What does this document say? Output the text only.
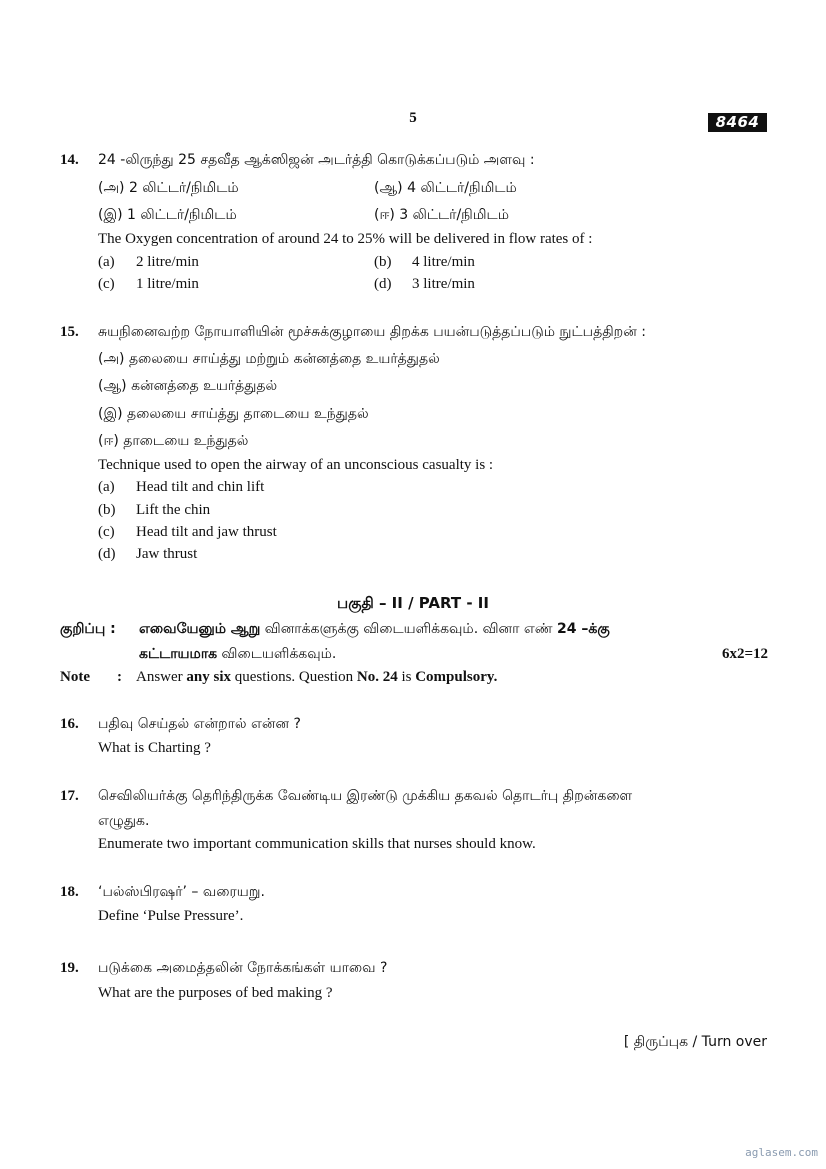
5	8464
14. 24 -லிருந்து 25 சதவீத ஆக்ஸிஜன் அடர்த்தி கொடுக்கப்படும் அளவு :
(அ) 2 லிட்டர்/நிமிடம்	(ஆ) 4 லிட்டர்/நிமிடம்
(இ) 1 லிட்டர்/நிமிடம்	(ஈ) 3 லிட்டர்/நிமிடம்
The Oxygen concentration of around 24 to 25% will be delivered in flow rates of :
(a) 2 litre/min	(b) 4 litre/min
(c) 1 litre/min	(d) 3 litre/min
15. சுயநினைவற்ற நோயாளியின் மூச்சுக்குழாயை திறக்க பயன்படுத்தப்படும் நுட்பத்திறன் :
(அ) தலையை சாய்த்து மற்றும் கன்னத்தை உயர்த்துதல்
(ஆ) கன்னத்தை உயர்த்துதல்
(இ) தலையை சாய்த்து தாடையை உந்துதல்
(ஈ) தாடையை உந்துதல்
Technique used to open the airway of an unconscious casualty is :
(a) Head tilt and chin lift
(b) Lift the chin
(c) Head tilt and jaw thrust
(d) Jaw thrust
பகுதி – II / PART - II
குறிப்பு : எவையேனும் ஆறு வினாக்களுக்கு விடையளிக்கவும். வினா எண் 24 –க்கு
கட்டாயமாக விடையளிக்கவும்.	6x2=12
Note : Answer any six questions. Question No. 24 is Compulsory.
16. பதிவு செய்தல் என்றால் என்ன ?
What is Charting ?
17. செவிலியர்க்கு தெரிந்திருக்க வேண்டிய இரண்டு முக்கிய தகவல் தொடர்பு திறன்களை
எழுதுக.
Enumerate two important communication skills that nurses should know.
18. ‘பல்ஸ்பிரஷர்’ – வரையறு.
Define ‘Pulse Pressure’.
19. படுக்கை அமைத்தலின் நோக்கங்கள் யாவை ?
What are the purposes of bed making ?
[ திருப்புக / Turn over
aglasem.com
